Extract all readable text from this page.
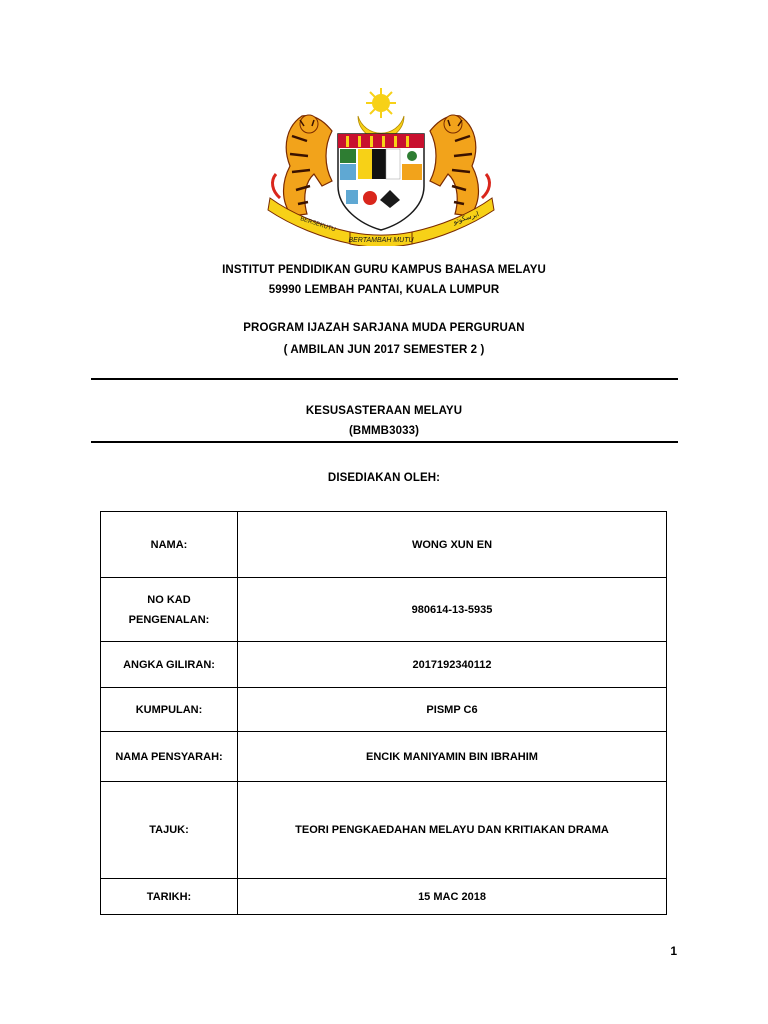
BERSEKUTU
BERTAMBAH MUTU
ابرسکوتو
INSTITUT PENDIDIKAN GURU KAMPUS BAHASA MELAYU
59990 LEMBAH PANTAI, KUALA LUMPUR
PROGRAM IJAZAH SARJANA MUDA PERGURUAN
( AMBILAN JUN 2017 SEMESTER 2 )
KESUSASTERAAN MELAYU
(BMMB3033)
DISEDIAKAN OLEH:
NAMA:	WONG XUN EN
NO KAD PENGENALAN:	980614-13-5935
ANGKA GILIRAN:	2017192340112
KUMPULAN:	PISMP C6
NAMA PENSYARAH:	ENCIK MANIYAMIN BIN IBRAHIM
TAJUK:	TEORI PENGKAEDAHAN MELAYU DAN KRITIAKAN DRAMA
TARIKH:	15 MAC 2018
1
